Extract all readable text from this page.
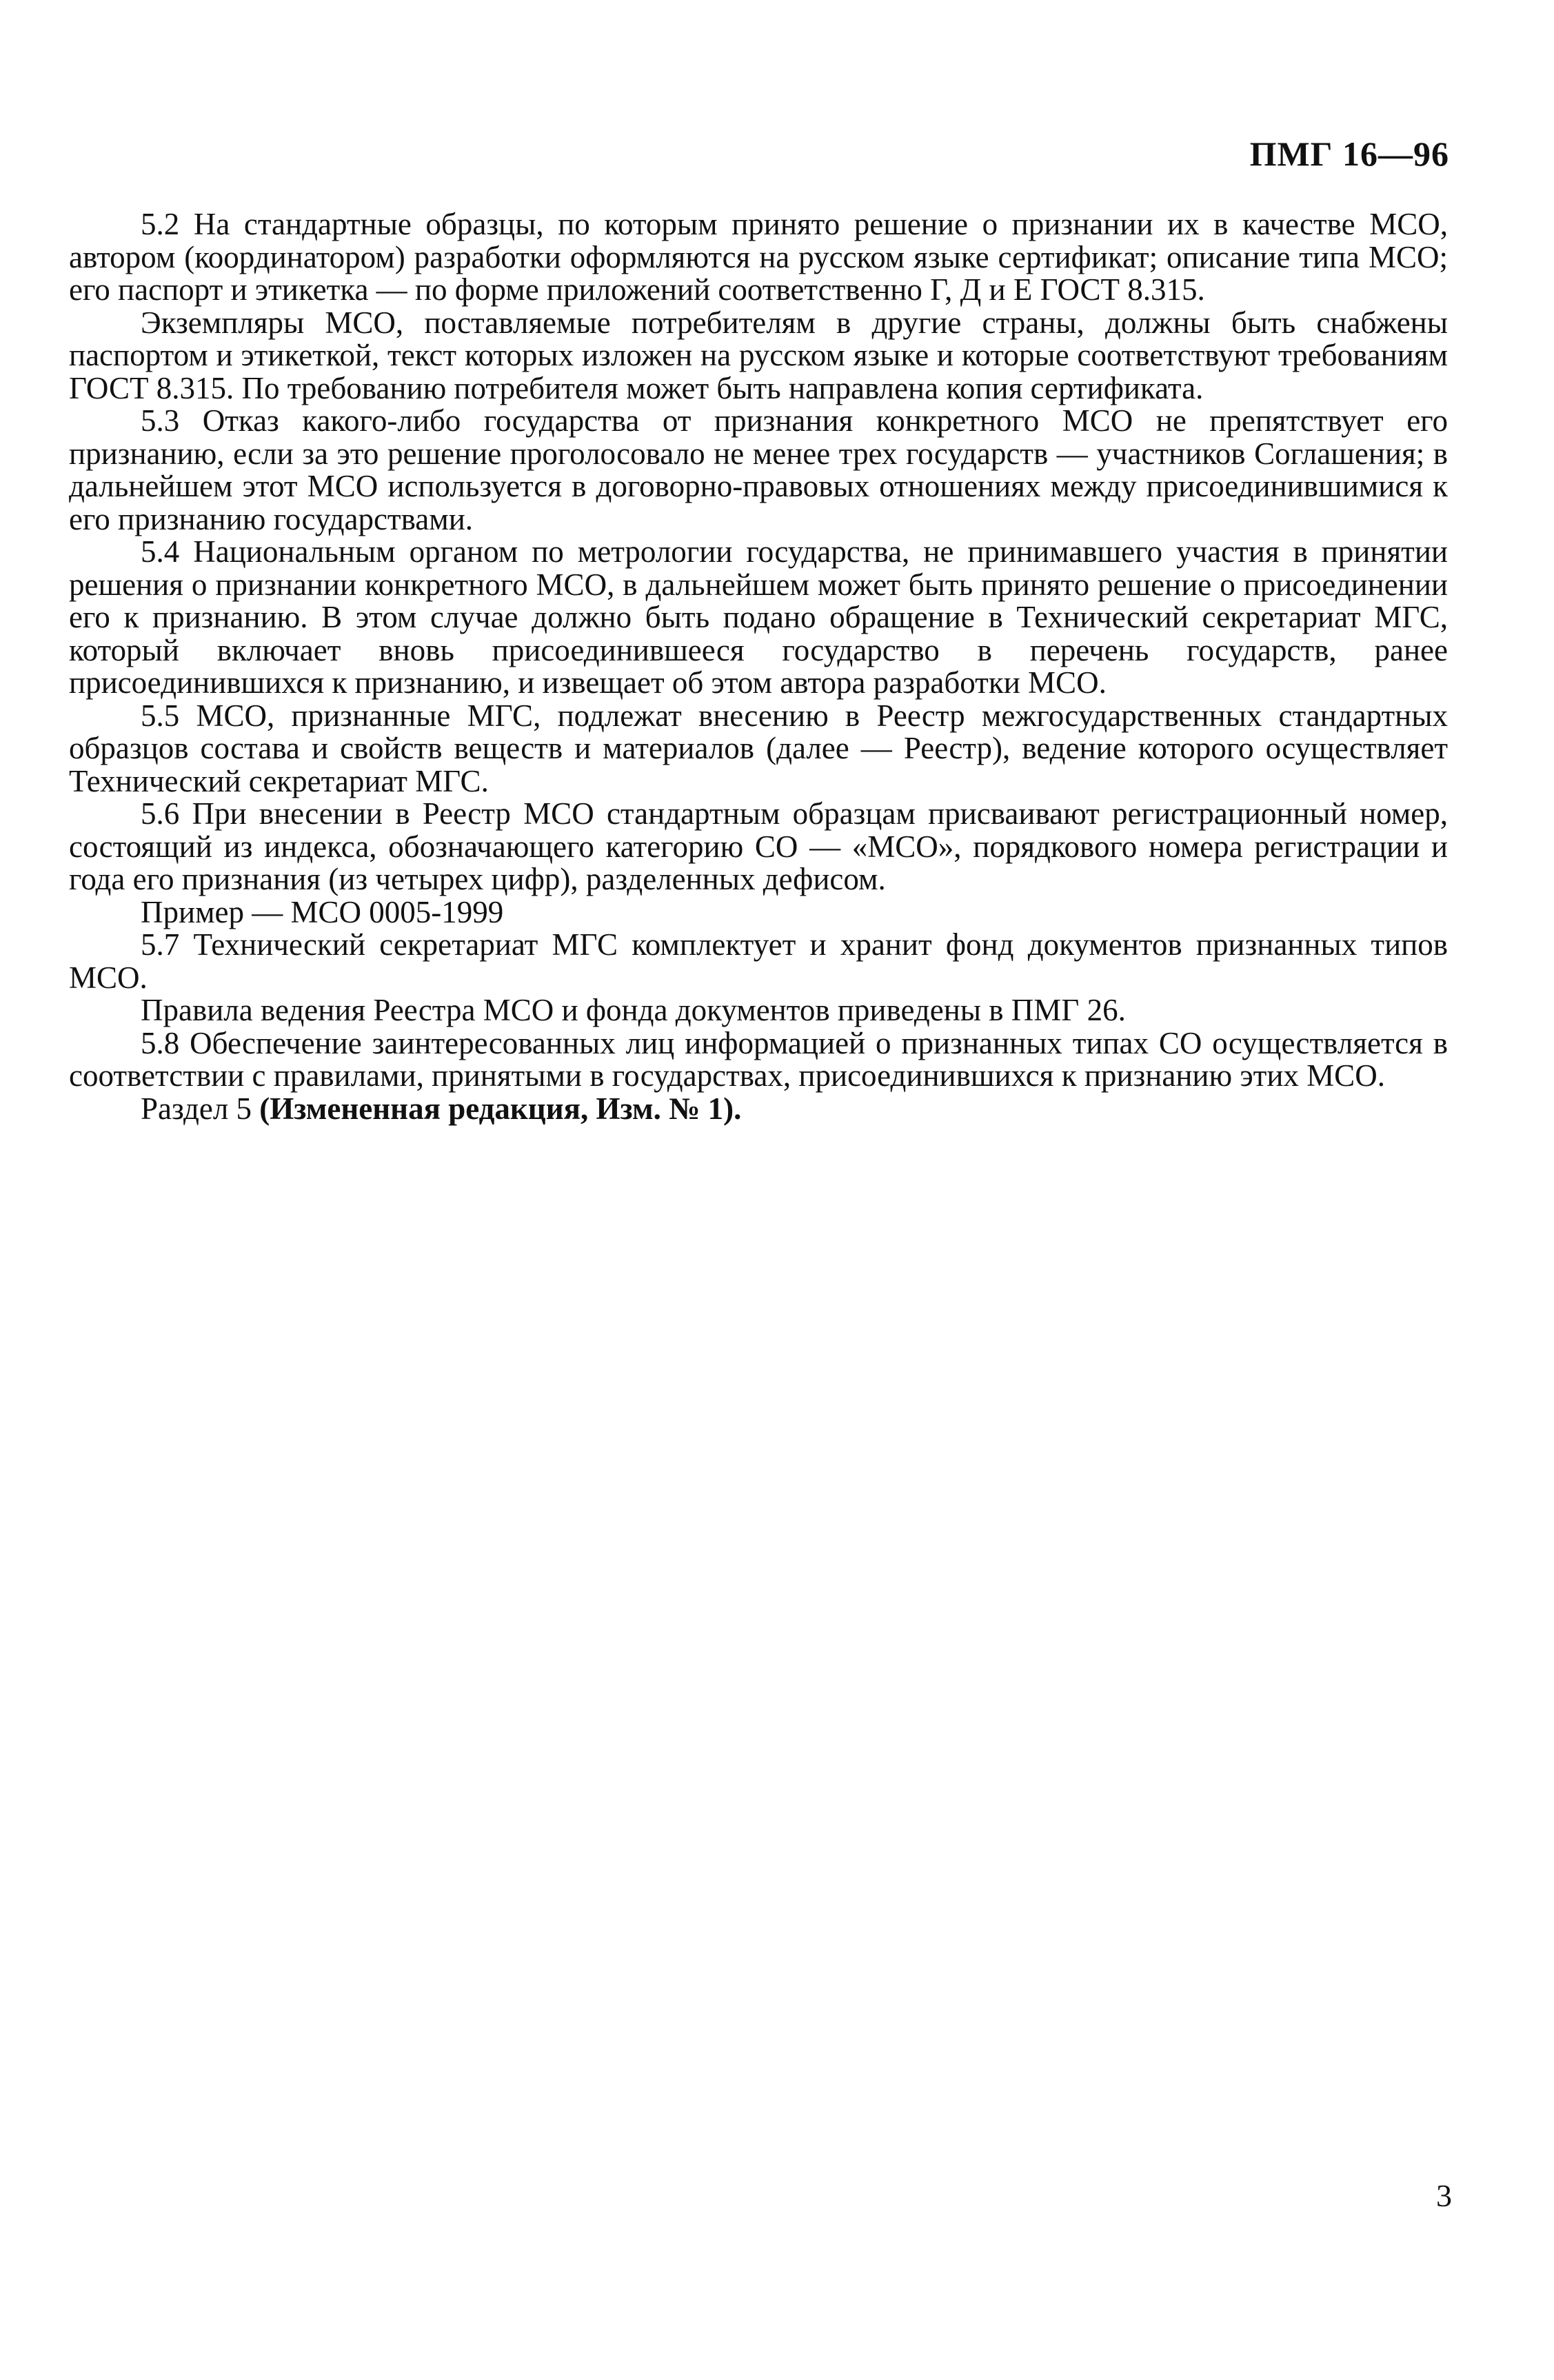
ПМГ 16—96

5.2 На стандартные образцы, по которым принято решение о признании их в качестве МСО, автором (координатором) разработки оформляются на русском языке сертификат; описание типа МСО; его паспорт и этикетка — по форме приложений соответственно Г, Д и Е ГОСТ 8.315.

Экземпляры МСО, поставляемые потребителям в другие страны, должны быть снабжены паспортом и этикеткой, текст которых изложен на русском языке и которые соответствуют требованиям ГОСТ 8.315. По требованию потребителя может быть направлена копия сертификата.

5.3 Отказ какого-либо государства от признания конкретного МСО не препятствует его признанию, если за это решение проголосовало не менее трех государств — участников Соглашения; в дальнейшем этот МСО используется в договорно-правовых отношениях между присоединившимися к его признанию государствами.

5.4 Национальным органом по метрологии государства, не принимавшего участия в принятии решения о признании конкретного МСО, в дальнейшем может быть принято решение о присоединении его к признанию. В этом случае должно быть подано обращение в Технический секретариат МГС, который включает вновь присоединившееся государство в перечень государств, ранее присоединившихся к признанию, и извещает об этом автора разработки МСО.

5.5 МСО, признанные МГС, подлежат внесению в Реестр межгосударственных стандартных образцов состава и свойств веществ и материалов (далее — Реестр), ведение которого осуществляет Технический секретариат МГС.

5.6 При внесении в Реестр МСО стандартным образцам присваивают регистрационный номер, состоящий из индекса, обозначающего категорию СО — «МСО», порядкового номера регистрации и года его признания (из четырех цифр), разделенных дефисом.

Пример — МСО 0005-1999

5.7 Технический секретариат МГС комплектует и хранит фонд документов признанных типов МСО.

Правила ведения Реестра МСО и фонда документов приведены в ПМГ 26.

5.8 Обеспечение заинтересованных лиц информацией о признанных типах СО осуществляется в соответствии с правилами, принятыми в государствах, присоединившихся к признанию этих МСО.

Раздел 5 (Измененная редакция, Изм. № 1).

3
